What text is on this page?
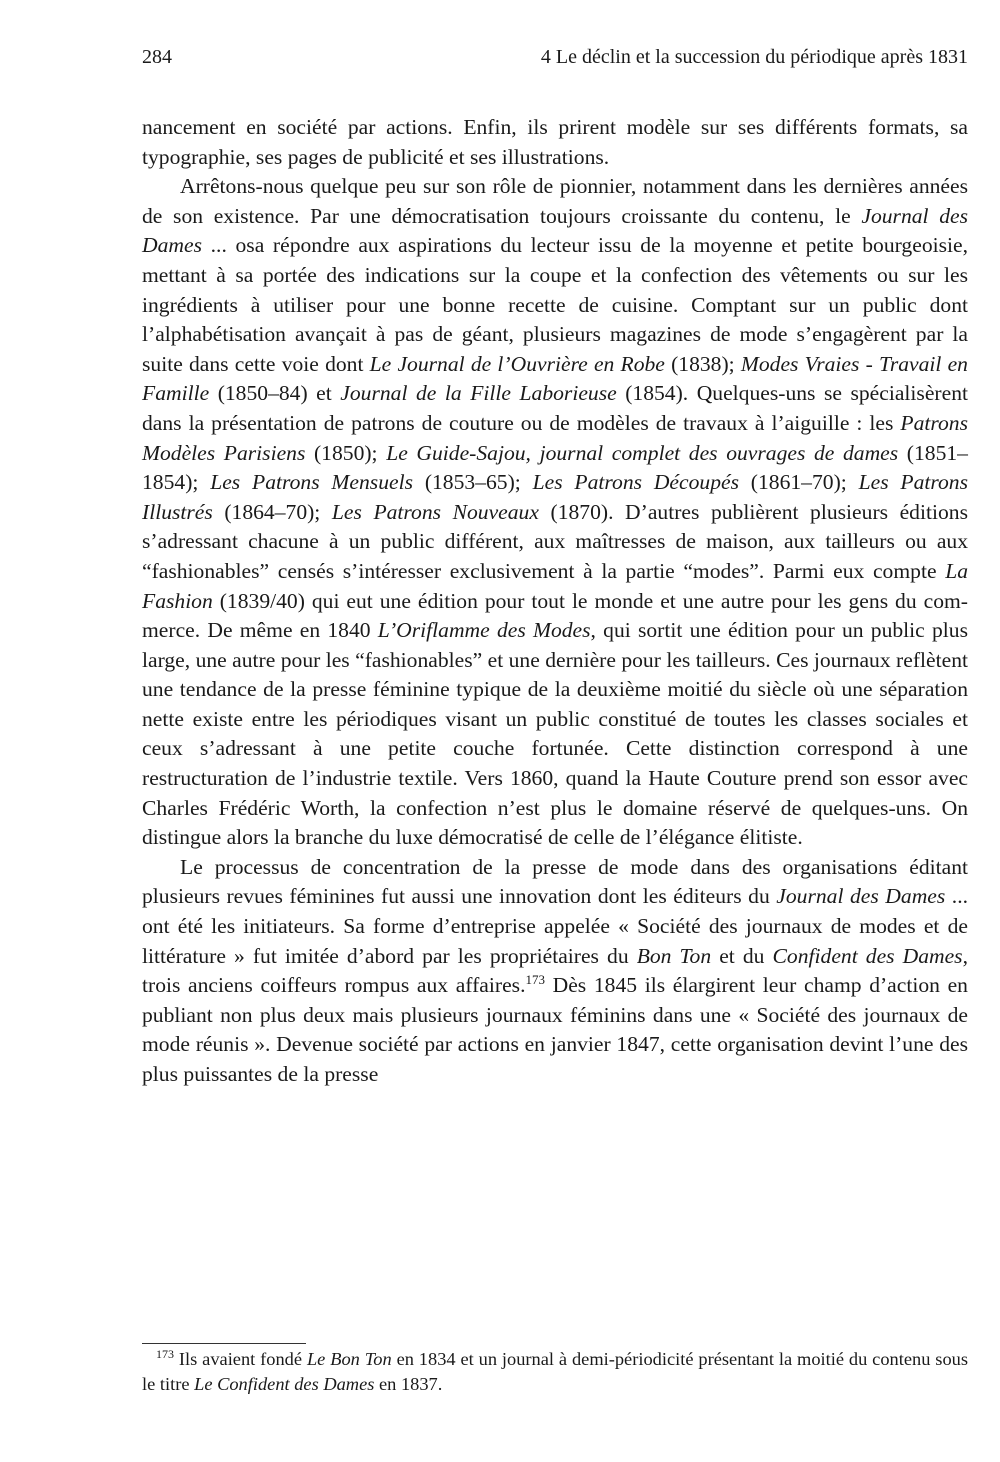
284	4 Le déclin et la succession du périodique après 1831

nancement en société par actions. Enfin, ils prirent modèle sur ses différents formats, sa typographie, ses pages de publicité et ses illustrations.

Arrêtons-nous quelque peu sur son rôle de pionnier, notamment dans les dernières années de son existence. Par une démocratisation toujours croissante du contenu, le Journal des Dames ... osa répondre aux aspirations du lecteur issu de la moyenne et petite bourgeoisie, mettant à sa portée des indications sur la coupe et la confection des vêtements ou sur les ingrédients à utiliser pour une bonne recette de cuisine. Comptant sur un public dont l’alphabétisation avançait à pas de géant, plusieurs magazines de mode s’engagèrent par la suite dans cette voie dont Le Journal de l’Ouvrière en Robe (1838); Modes Vraies - Travail en Famille (1850–84) et Journal de la Fille Laborieuse (1854). Quelques-uns se spécialisèrent dans la présentation de patrons de couture ou de modèles de travaux à l’aiguille : les Patrons Modèles Parisiens (1850); Le Guide-Sajou, journal complet des ouvrages de dames (1851–1854); Les Patrons Mensuels (1853–65); Les Patrons Découpés (1861–70); Les Patrons Illustrés (1864–70); Les Patrons Nouveaux (1870). D’autres publièrent plusieurs éditions s’adressant chacune à un public différent, aux maîtresses de maison, aux tailleurs ou aux “fashionables” censés s’intéresser exclusivement à la partie “modes”. Parmi eux compte La Fashion (1839/40) qui eut une édition pour tout le monde et une autre pour les gens du commerce. De même en 1840 L’Oriflamme des Modes, qui sortit une édition pour un public plus large, une autre pour les “fashionables” et une dernière pour les tailleurs. Ces journaux reflètent une tendance de la presse féminine typique de la deuxième moitié du siècle où une séparation nette existe entre les périodiques visant un public constitué de toutes les classes sociales et ceux s’adressant à une petite couche fortunée. Cette distinction correspond à une restructuration de l’industrie textile. Vers 1860, quand la Haute Couture prend son essor avec Charles Frédéric Worth, la confection n’est plus le domaine réservé de quelques-uns. On distingue alors la branche du luxe démocratisé de celle de l’élégance élitiste.

Le processus de concentration de la presse de mode dans des organisations éditant plusieurs revues féminines fut aussi une innovation dont les éditeurs du Journal des Dames ... ont été les initiateurs. Sa forme d’entreprise appelée « Société des journaux de modes et de littérature » fut imitée d’abord par les propriétaires du Bon Ton et du Confident des Dames, trois anciens coiffeurs rompus aux affaires.$^{173}$ Dès 1845 ils élargirent leur champ d’action en publiant non plus deux mais plusieurs journaux féminins dans une « Société des journaux de mode réunis ». Devenue société par actions en janvier 1847, cette organisation devint l’une des plus puissantes de la presse

$^{173}$ Ils avaient fondé Le Bon Ton en 1834 et un journal à demi-périodicité présentant la moitié du contenu sous le titre Le Confident des Dames en 1837.
